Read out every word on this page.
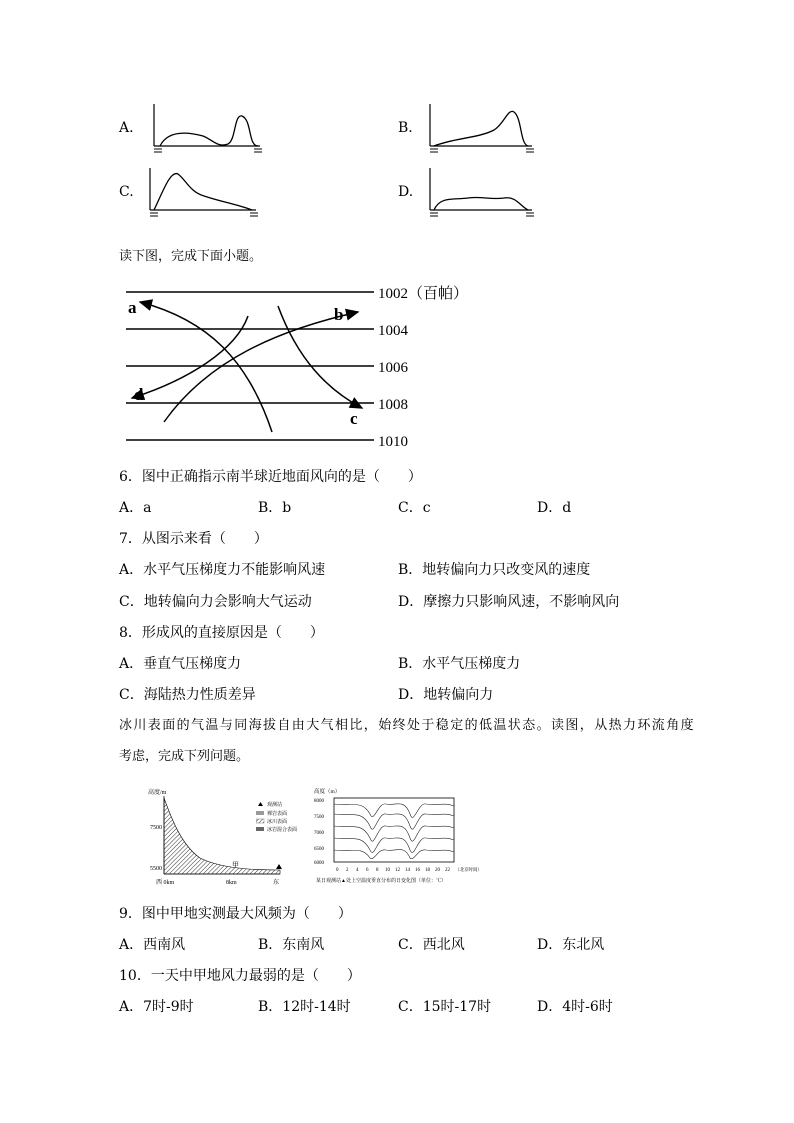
A.	B.
C.	D.
读下图，完成下面小题。
a	b
c
d
1002（百帕）
1004
1006
1008
1010
6．图中正确指示南半球近地面风向的是（　　）
A．a	B．b	C．c	D．d
7．从图示来看（　　）
A．水平气压梯度力不能影响风速	B．地转偏向力只改变风的速度
C．地转偏向力会影响大气运动	D．摩擦力只影响风速，不影响风向
8．形成风的直接原因是（　　）
A．垂直气压梯度力	B．水平气压梯度力
C．海陆热力性质差异	D．地转偏向力
冰川表面的气温与同海拔自由大气相比，始终处于稳定的低温状态。读图，从热力环流角度
考虑，完成下列问题。
高度/m
7500
5500
西 0km	8km	东
甲
观测站
裸岩表面
冰川表面
冰岩混合表面
高度（m）
8000
7500
7000
6500
6000
0 2 4 6 8 10 12 14 16 18 20 22 （北京时间）
某日观测站▲处上空温度垂直分布的日变化图（单位：℃）
9．图中甲地实测最大风频为（　　）
A．西南风	B．东南风	C．西北风	D．东北风
10．一天中甲地风力最弱的是（　　）
A．7时-9时	B．12时-14时	C．15时-17时	D．4时-6时
